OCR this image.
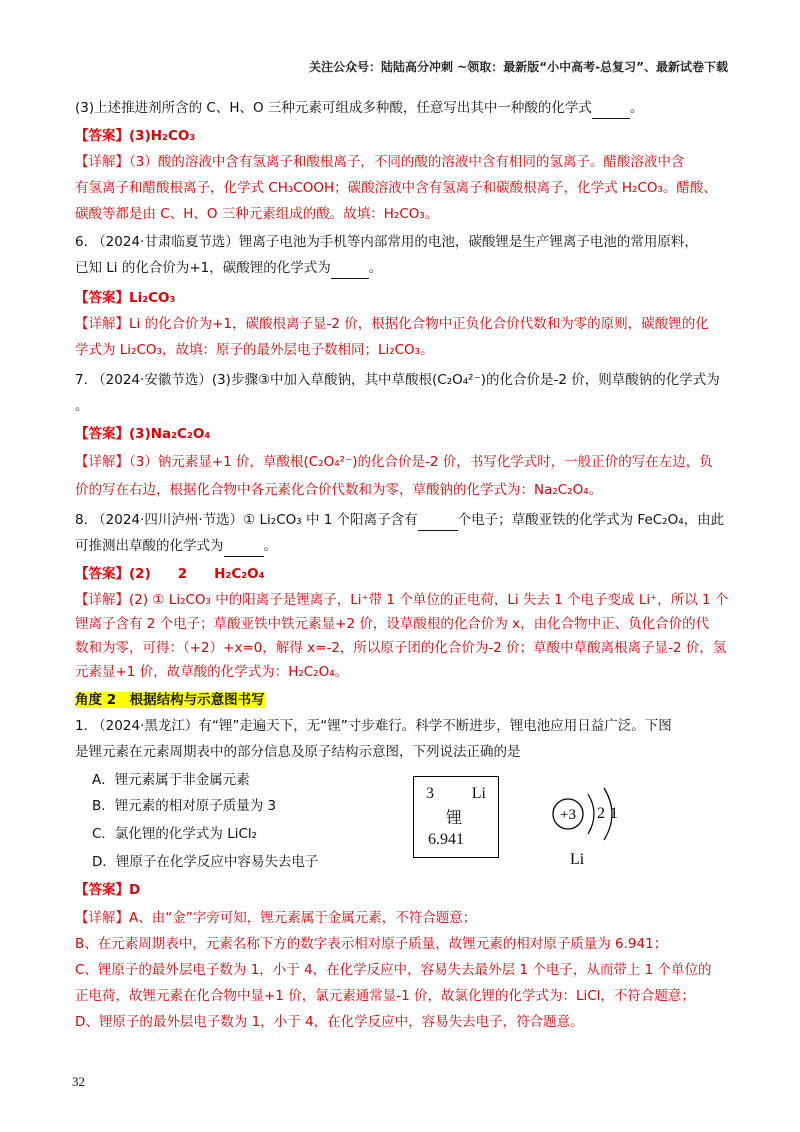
关注公众号：陆陆高分冲刺 ~领取：最新版“小中高考-总复习”、最新试卷下载
(3)上述推进剂所含的 C、H、O 三种元素可组成多种酸，任意写出其中一种酸的化学式	。
【答案】(3)H₂CO₃
【详解】（3）酸的溶液中含有氢离子和酸根离子，不同的酸的溶液中含有相同的氢离子。醋酸溶液中含
有氢离子和醋酸根离子，化学式 CH₃COOH；碳酸溶液中含有氢离子和碳酸根离子，化学式 H₂CO₃。醋酸、
碳酸等都是由 C、H、O 三种元素组成的酸。故填：H₂CO₃。
6. （2024·甘肃临夏节选）锂离子电池为手机等内部常用的电池，碳酸锂是生产锂离子电池的常用原料，
已知 Li 的化合价为+1，碳酸锂的化学式为	。
【答案】Li₂CO₃
【详解】Li 的化合价为+1，碳酸根离子显-2 价，根据化合物中正负化合价代数和为零的原则，碳酸锂的化
学式为 Li₂CO₃，故填：原子的最外层电子数相同；Li₂CO₃。
7. （2024·安徽节选）(3)步骤③中加入草酸钠，其中草酸根(C₂O₄²⁻)的化合价是-2 价，则草酸钠的化学式为
。
【答案】(3)Na₂C₂O₄
【详解】（3）钠元素显+1 价，草酸根(C₂O₄²⁻)的化合价是-2 价，书写化学式时，一般正价的写在左边，负
价的写在右边，根据化合物中各元素化合价代数和为零，草酸钠的化学式为：Na₂C₂O₄。
8. （2024·四川泸州·节选）① Li₂CO₃ 中 1 个阳离子含有	个电子；草酸亚铁的化学式为 FeC₂O₄，由此
可推测出草酸的化学式为	。
【答案】(2)　　2　　H₂C₂O₄
【详解】(2) ① Li₂CO₃ 中的阳离子是锂离子，Li⁺带 1 个单位的正电荷，Li 失去 1 个电子变成 Li⁺，所以 1 个
锂离子含有 2 个电子；草酸亚铁中铁元素显+2 价，设草酸根的化合价为 x，由化合物中正、负化合价的代
数和为零，可得：（+2）+x=0，解得 x=-2，所以原子团的化合价为-2 价；草酸中草酸离根离子显-2 价，氢
元素显+1 价，故草酸的化学式为：H₂C₂O₄。
角度 2　 根据结构与示意图书写
1. （2024·黑龙江）有“锂”走遍天下，无“锂”寸步难行。科学不断进步，锂电池应用日益广泛。下图
是锂元素在元素周期表中的部分信息及原子结构示意图，下列说法正确的是
A．锂元素属于非金属元素
B．锂元素的相对原子质量为 3
C．氯化锂的化学式为 LiCl₂
D．锂原子在化学反应中容易失去电子
3 Li
锂
6.941
+3 2 1
Li
【答案】D
【详解】A、由“金”字旁可知，锂元素属于金属元素，不符合题意；
B、在元素周期表中，元素名称下方的数字表示相对原子质量，故锂元素的相对原子质量为 6.941；
C、锂原子的最外层电子数为 1，小于 4，在化学反应中，容易失去最外层 1 个电子，从而带上 1 个单位的
正电荷，故锂元素在化合物中显+1 价，氯元素通常显-1 价，故氯化锂的化学式为：LiCl，不符合题意；
D、锂原子的最外层电子数为 1，小于 4，在化学反应中，容易失去电子，符合题意。
32
